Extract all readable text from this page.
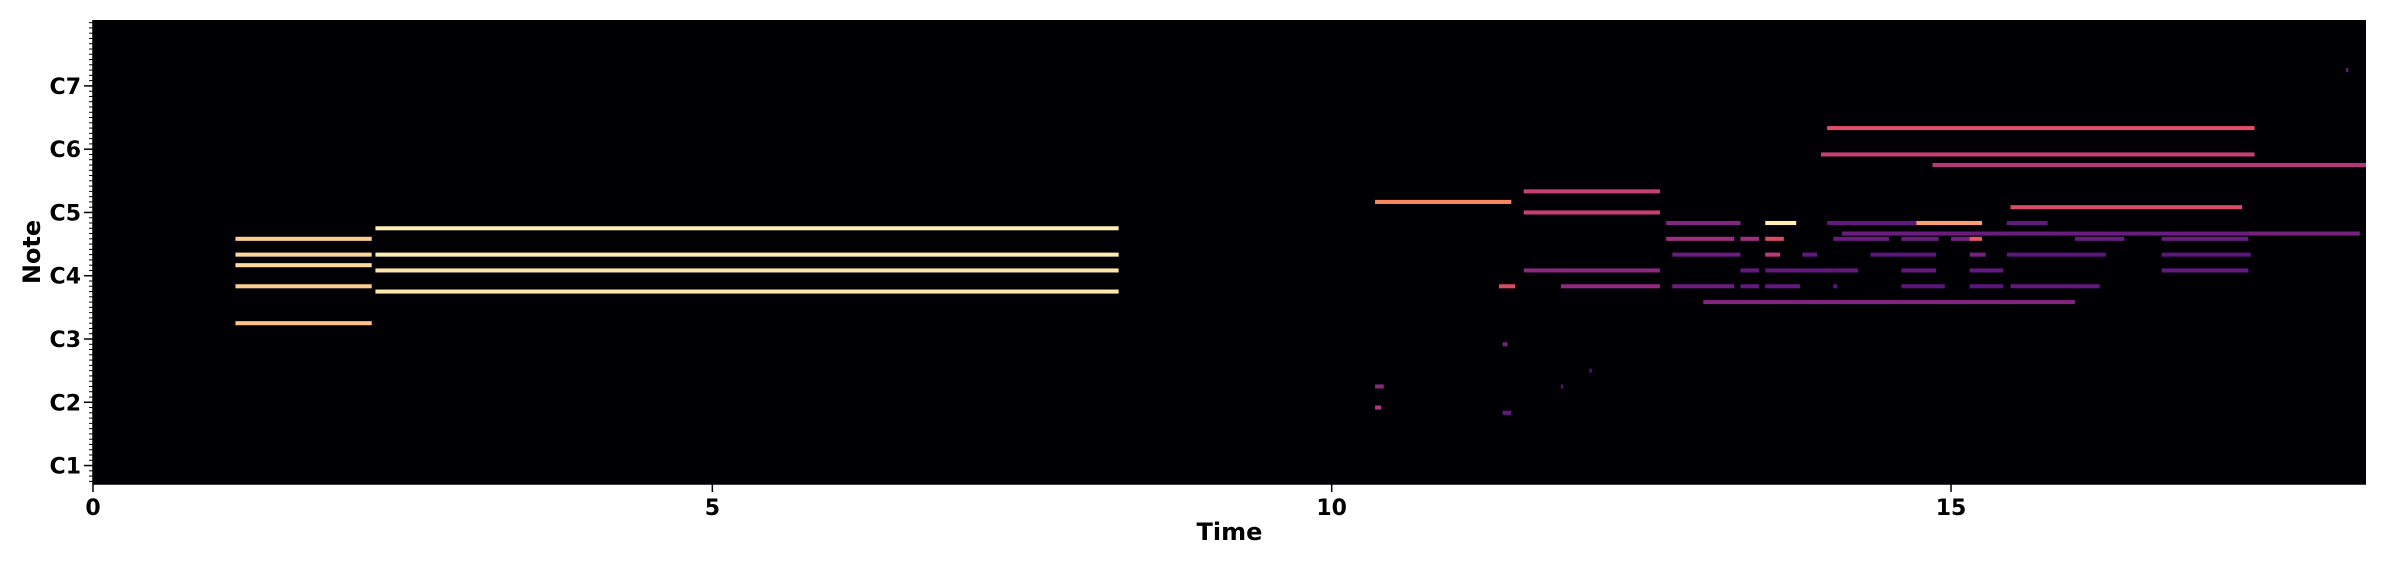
C1
C2
C3
C4
C5
C6
C7
0	5	10	15
Time
Note
